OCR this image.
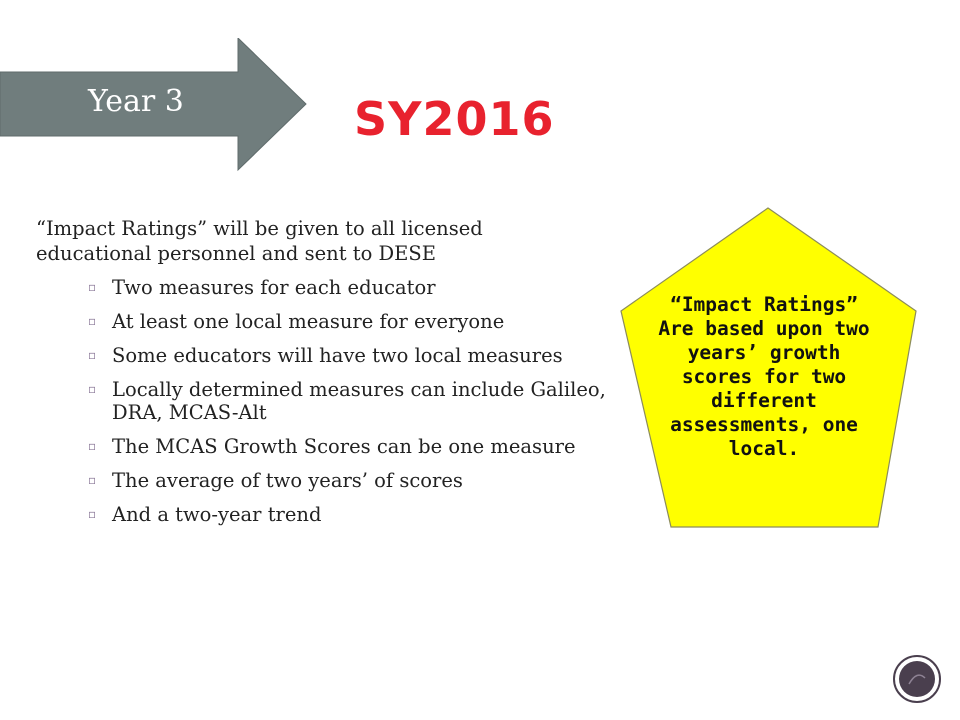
Year 3	SY2016
“Impact Ratings” will be given to all licensed educational personnel and sent to DESE
▫ Two measures for each educator
▫ At least one local measure for everyone
▫ Some educators will have two local measures
▫ Locally determined measures can include Galileo, DRA, MCAS-Alt
▫ The MCAS Growth Scores can be one measure
▫ The average of two years’ of scores
▫ And a two-year trend
“Impact Ratings” Are based upon two years’ growth scores for two different assessments, one local.
